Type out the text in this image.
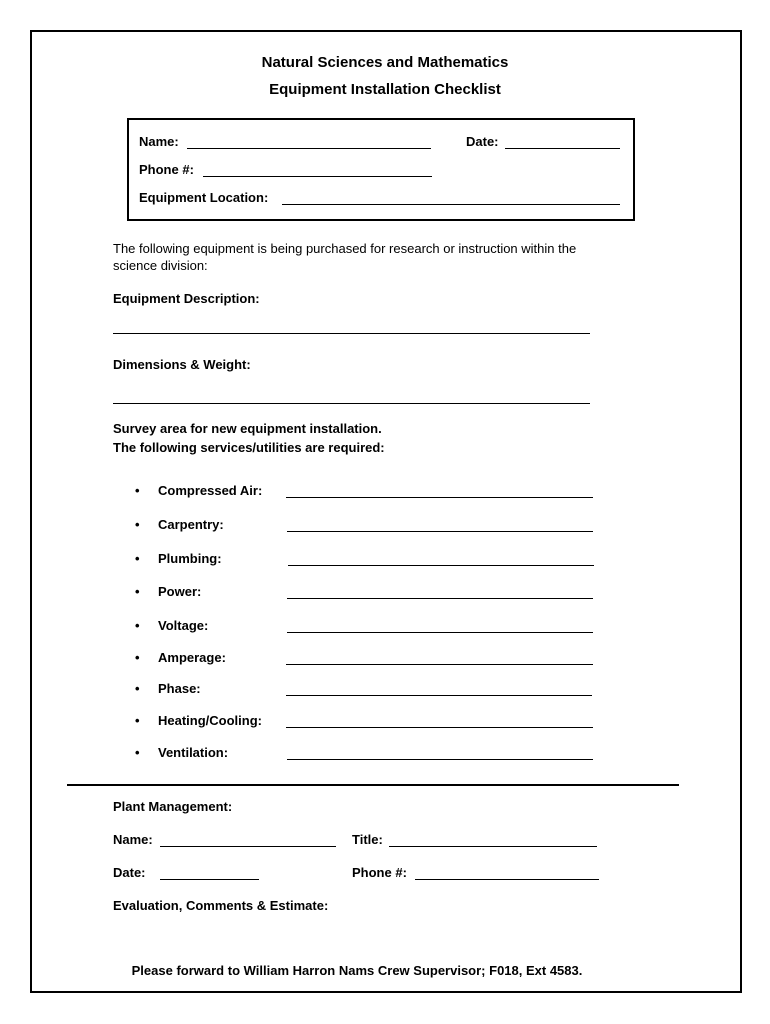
Natural Sciences and Mathematics
Equipment Installation Checklist
Name:	Date:
Phone #:
Equipment Location:
The following equipment is being purchased for research or instruction within the
science division:
Equipment Description:
Dimensions & Weight:
Survey area for new equipment installation.
The following services/utilities are required:
• Compressed Air:
• Carpentry:
• Plumbing:
• Power:
• Voltage:
• Amperage:
• Phase:
• Heating/Cooling:
• Ventilation:
Plant Management:
Name:	Title:
Date:	Phone #:
Evaluation, Comments & Estimate:
Please forward to William Harron Nams Crew Supervisor; F018, Ext 4583.
